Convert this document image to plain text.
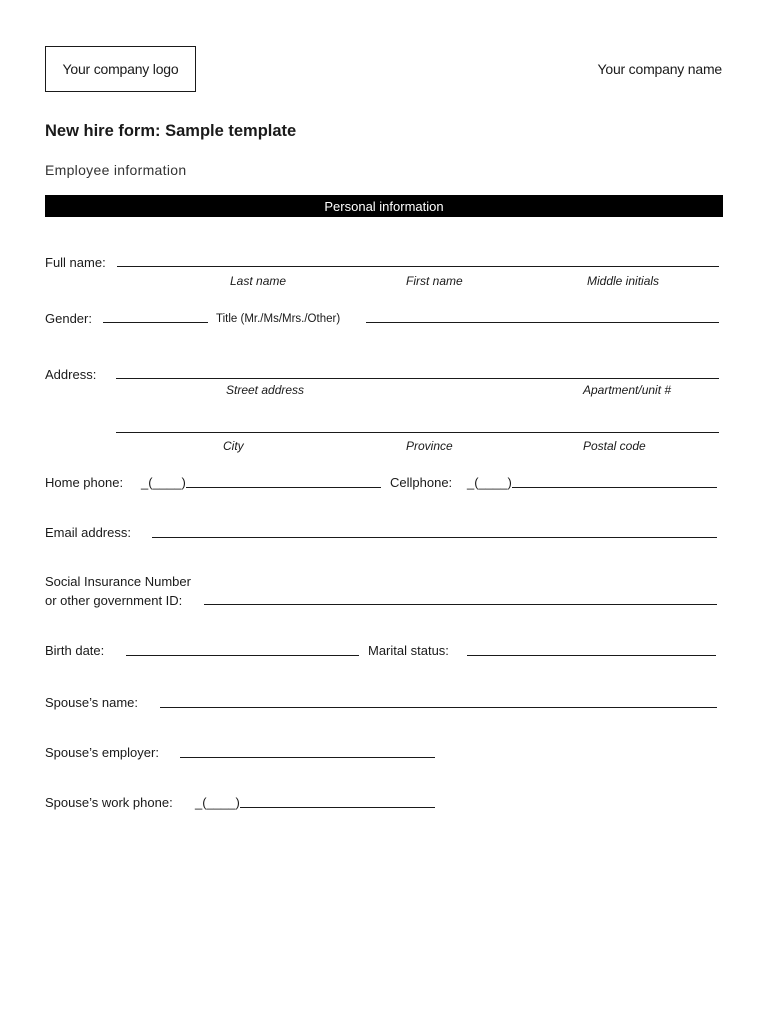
Your company logo	Your company name
New hire form: Sample template
Employee information
Personal information
Full name:
Last name	First name	Middle initials
Gender:	Title (Mr./Ms/Mrs./Other)
Address:
Street address	Apartment/unit #
City	Province	Postal code
Home phone: _(____)	Cellphone: _(____)
Email address:
Social Insurance Number
or other government ID:
Birth date:	Marital status:
Spouse’s name:
Spouse’s employer:
Spouse’s work phone: _(____)
